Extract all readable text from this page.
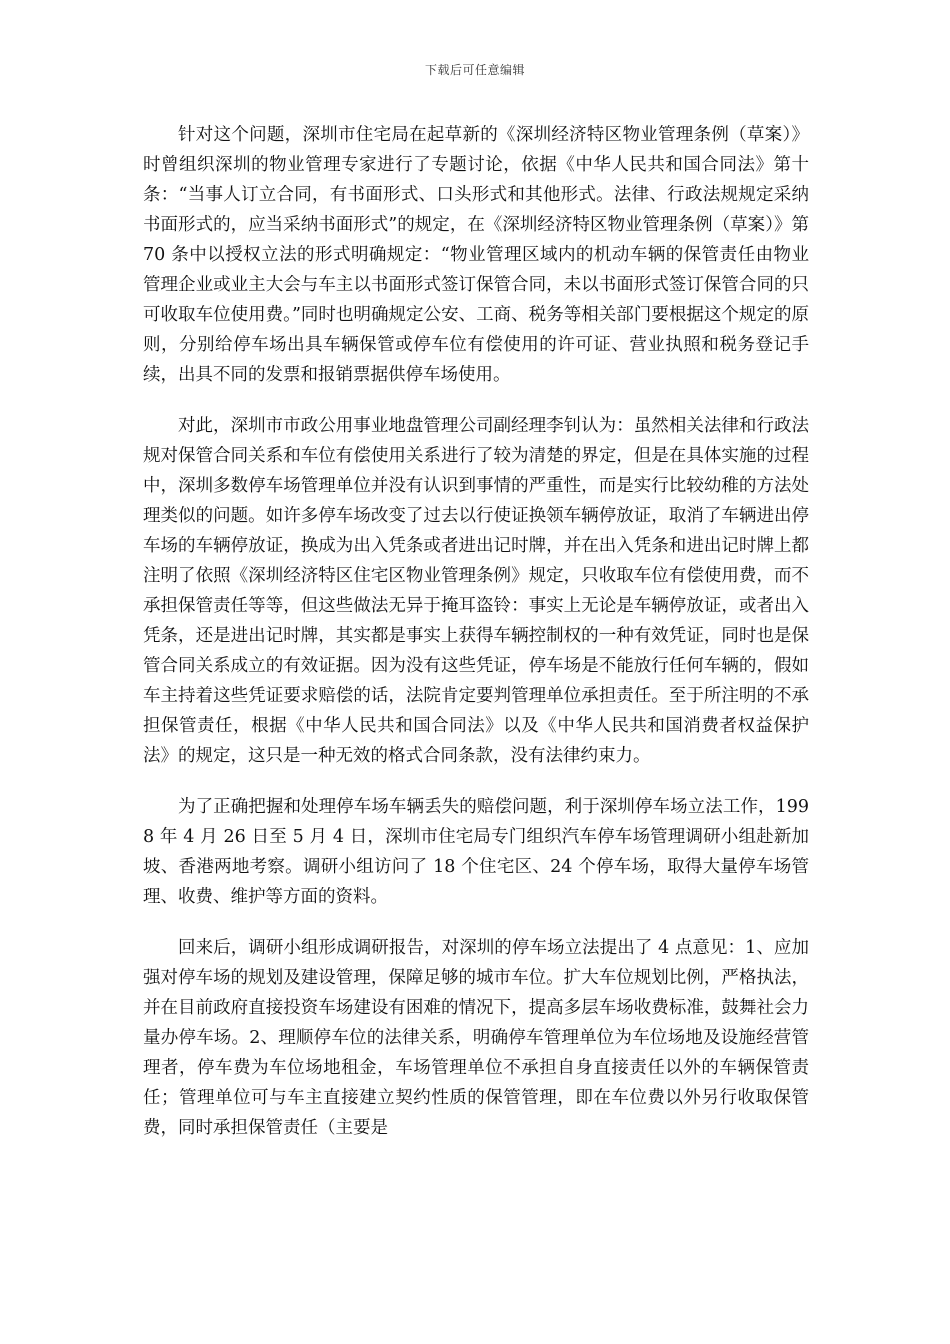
下载后可任意编辑

针对这个问题，深圳市住宅局在起草新的《深圳经济特区物业管理条例（草案）》时曾组织深圳的物业管理专家进行了专题讨论，依据《中华人民共和国合同法》第十条：“当事人订立合同，有书面形式、口头形式和其他形式。法律、行政法规规定采纳书面形式的，应当采纳书面形式”的规定，在《深圳经济特区物业管理条例（草案）》第 70 条中以授权立法的形式明确规定：“物业管理区域内的机动车辆的保管责任由物业管理企业或业主大会与车主以书面形式签订保管合同，未以书面形式签订保管合同的只可收取车位使用费。”同时也明确规定公安、工商、税务等相关部门要根据这个规定的原则，分别给停车场出具车辆保管或停车位有偿使用的许可证、营业执照和税务登记手续，出具不同的发票和报销票据供停车场使用。

对此，深圳市市政公用事业地盘管理公司副经理李钊认为：虽然相关法律和行政法规对保管合同关系和车位有偿使用关系进行了较为清楚的界定，但是在具体实施的过程中，深圳多数停车场管理单位并没有认识到事情的严重性，而是实行比较幼稚的方法处理类似的问题。如许多停车场改变了过去以行使证换领车辆停放证，取消了车辆进出停车场的车辆停放证，换成为出入凭条或者进出记时牌，并在出入凭条和进出记时牌上都注明了依照《深圳经济特区住宅区物业管理条例》规定，只收取车位有偿使用费，而不承担保管责任等等，但这些做法无异于掩耳盗铃：事实上无论是车辆停放证，或者出入凭条，还是进出记时牌，其实都是事实上获得车辆控制权的一种有效凭证，同时也是保管合同关系成立的有效证据。因为没有这些凭证，停车场是不能放行任何车辆的，假如车主持着这些凭证要求赔偿的话，法院肯定要判管理单位承担责任。至于所注明的不承担保管责任，根据《中华人民共和国合同法》以及《中华人民共和国消费者权益保护法》的规定，这只是一种无效的格式合同条款，没有法律约束力。

为了正确把握和处理停车场车辆丢失的赔偿问题，利于深圳停车场立法工作，1998 年 4 月 26 日至 5 月 4 日，深圳市住宅局专门组织汽车停车场管理调研小组赴新加坡、香港两地考察。调研小组访问了 18 个住宅区、24 个停车场，取得大量停车场管理、收费、维护等方面的资料。

回来后，调研小组形成调研报告，对深圳的停车场立法提出了 4 点意见：1、应加强对停车场的规划及建设管理，保障足够的城市车位。扩大车位规划比例，严格执法，并在目前政府直接投资车场建设有困难的情况下，提高多层车场收费标准，鼓舞社会力量办停车场。2、理顺停车位的法律关系，明确停车管理单位为车位场地及设施经营管理者，停车费为车位场地租金，车场管理单位不承担自身直接责任以外的车辆保管责任；管理单位可与车主直接建立契约性质的保管管理，即在车位费以外另行收取保管费，同时承担保管责任（主要是
